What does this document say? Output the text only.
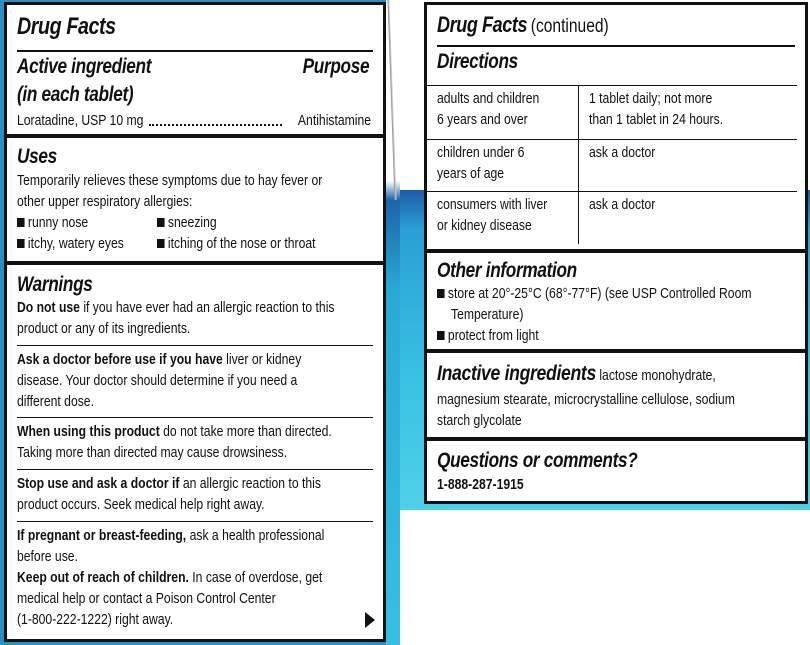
Drug Facts
Active ingredient
(in each tablet)
Purpose
Loratadine, USP 10 mg	Antihistamine
Uses
Temporarily relieves these symptoms due to hay fever or
other upper respiratory allergies:
runny nose	sneezing
itchy, watery eyes	itching of the nose or throat
Warnings
Do not use if you have ever had an allergic reaction to this
product or any of its ingredients.
Ask a doctor before use if you have liver or kidney
disease. Your doctor should determine if you need a
different dose.
When using this product do not take more than directed.
Taking more than directed may cause drowsiness.
Stop use and ask a doctor if an allergic reaction to this
product occurs. Seek medical help right away.
If pregnant or breast-feeding, ask a health professional
before use.
Keep out of reach of children. In case of overdose, get
medical help or contact a Poison Control Center
(1-800-222-1222) right away.
Drug Facts (continued)
Directions
adults and children
6 years and over	1 tablet daily; not more
than 1 tablet in 24 hours.
children under 6
years of age	ask a doctor
consumers with liver
or kidney disease	ask a doctor
Other information
store at 20°-25°C (68°-77°F) (see USP Controlled Room
Temperature)
protect from light
Inactive ingredients lactose monohydrate,
magnesium stearate, microcrystalline cellulose, sodium
starch glycolate
Questions or comments?
1-888-287-1915
